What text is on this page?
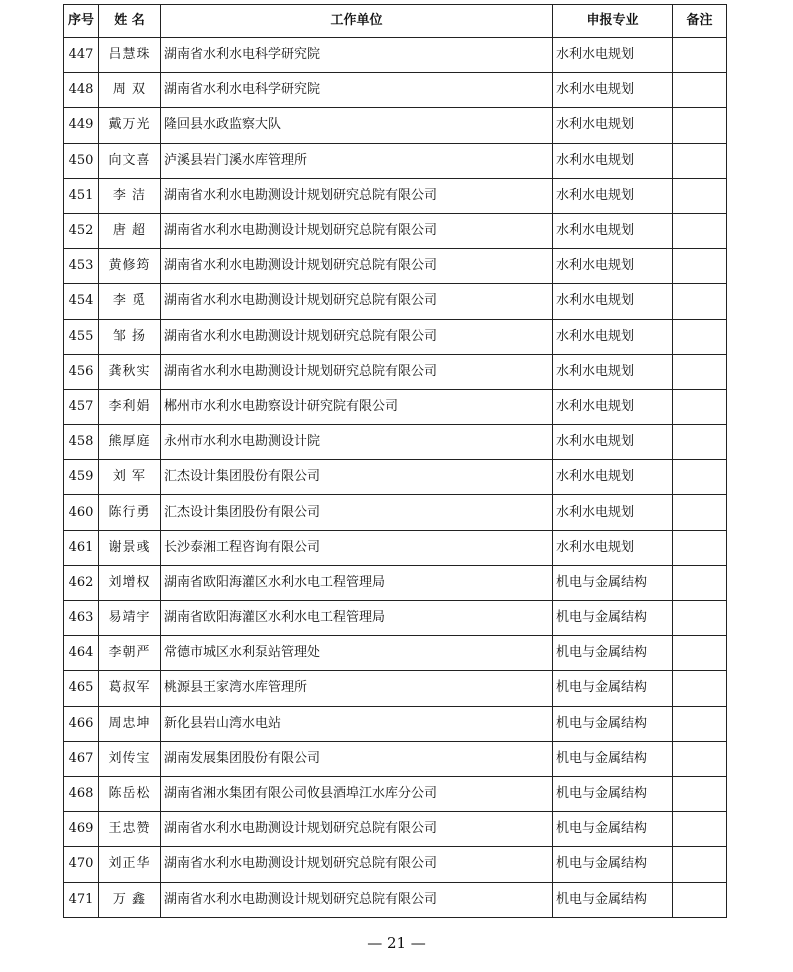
序号	姓 名	工作单位	申报专业	备注
447	吕慧珠	湖南省水利水电科学研究院	水利水电规划	
448	周 双	湖南省水利水电科学研究院	水利水电规划	
449	戴万光	隆回县水政监察大队	水利水电规划	
450	向文喜	泸溪县岩门溪水库管理所	水利水电规划	
451	李 洁	湖南省水利水电勘测设计规划研究总院有限公司	水利水电规划	
452	唐 超	湖南省水利水电勘测设计规划研究总院有限公司	水利水电规划	
453	黄修筠	湖南省水利水电勘测设计规划研究总院有限公司	水利水电规划	
454	李 觅	湖南省水利水电勘测设计规划研究总院有限公司	水利水电规划	
455	邹 扬	湖南省水利水电勘测设计规划研究总院有限公司	水利水电规划	
456	龚秋实	湖南省水利水电勘测设计规划研究总院有限公司	水利水电规划	
457	李利娟	郴州市水利水电勘察设计研究院有限公司	水利水电规划	
458	熊厚庭	永州市水利水电勘测设计院	水利水电规划	
459	刘 军	汇杰设计集团股份有限公司	水利水电规划	
460	陈行勇	汇杰设计集团股份有限公司	水利水电规划	
461	谢景彧	长沙泰湘工程咨询有限公司	水利水电规划	
462	刘增权	湖南省欧阳海灌区水利水电工程管理局	机电与金属结构	
463	易靖宇	湖南省欧阳海灌区水利水电工程管理局	机电与金属结构	
464	李朝严	常德市城区水利泵站管理处	机电与金属结构	
465	葛叔军	桃源县王家湾水库管理所	机电与金属结构	
466	周忠坤	新化县岩山湾水电站	机电与金属结构	
467	刘传宝	湖南发展集团股份有限公司	机电与金属结构	
468	陈岳松	湖南省湘水集团有限公司攸县酒埠江水库分公司	机电与金属结构	
469	王忠赞	湖南省水利水电勘测设计规划研究总院有限公司	机电与金属结构	
470	刘正华	湖南省水利水电勘测设计规划研究总院有限公司	机电与金属结构	
471	万 鑫	湖南省水利水电勘测设计规划研究总院有限公司	机电与金属结构	
— 21 —
